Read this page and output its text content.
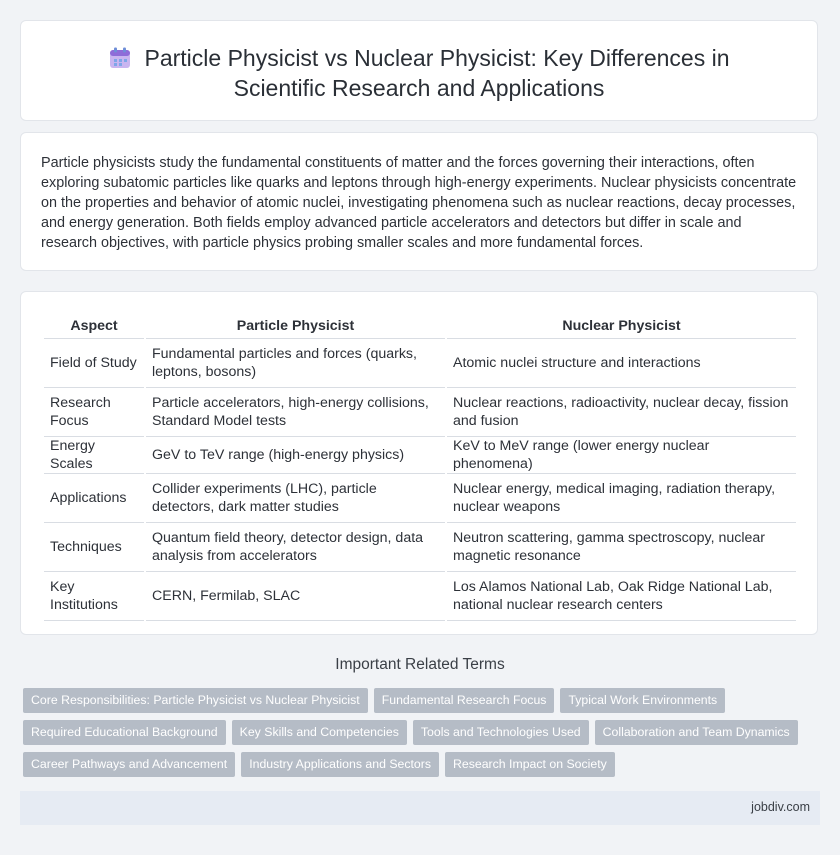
Particle Physicist vs Nuclear Physicist: Key Differences in Scientific Research and Applications

Particle physicists study the fundamental constituents of matter and the forces governing their interactions, often exploring subatomic particles like quarks and leptons through high-energy experiments. Nuclear physicists concentrate on the properties and behavior of atomic nuclei, investigating phenomena such as nuclear reactions, decay processes, and energy generation. Both fields employ advanced particle accelerators and detectors but differ in scale and research objectives, with particle physics probing smaller scales and more fundamental forces.

Aspect	Particle Physicist	Nuclear Physicist
Field of Study	Fundamental particles and forces (quarks, leptons, bosons)	Atomic nuclei structure and interactions
Research Focus	Particle accelerators, high-energy collisions, Standard Model tests	Nuclear reactions, radioactivity, nuclear decay, fission and fusion
Energy Scales	GeV to TeV range (high-energy physics)	KeV to MeV range (lower energy nuclear phenomena)
Applications	Collider experiments (LHC), particle detectors, dark matter studies	Nuclear energy, medical imaging, radiation therapy, nuclear weapons
Techniques	Quantum field theory, detector design, data analysis from accelerators	Neutron scattering, gamma spectroscopy, nuclear magnetic resonance
Key Institutions	CERN, Fermilab, SLAC	Los Alamos National Lab, Oak Ridge National Lab, national nuclear research centers
Important Related Terms
Core Responsibilities: Particle Physicist vs Nuclear Physicist Fundamental Research Focus Typical Work Environments
Required Educational Background Key Skills and Competencies Tools and Technologies Used Collaboration and Team Dynamics
Career Pathways and Advancement Industry Applications and Sectors Research Impact on Society
jobdiv.com
